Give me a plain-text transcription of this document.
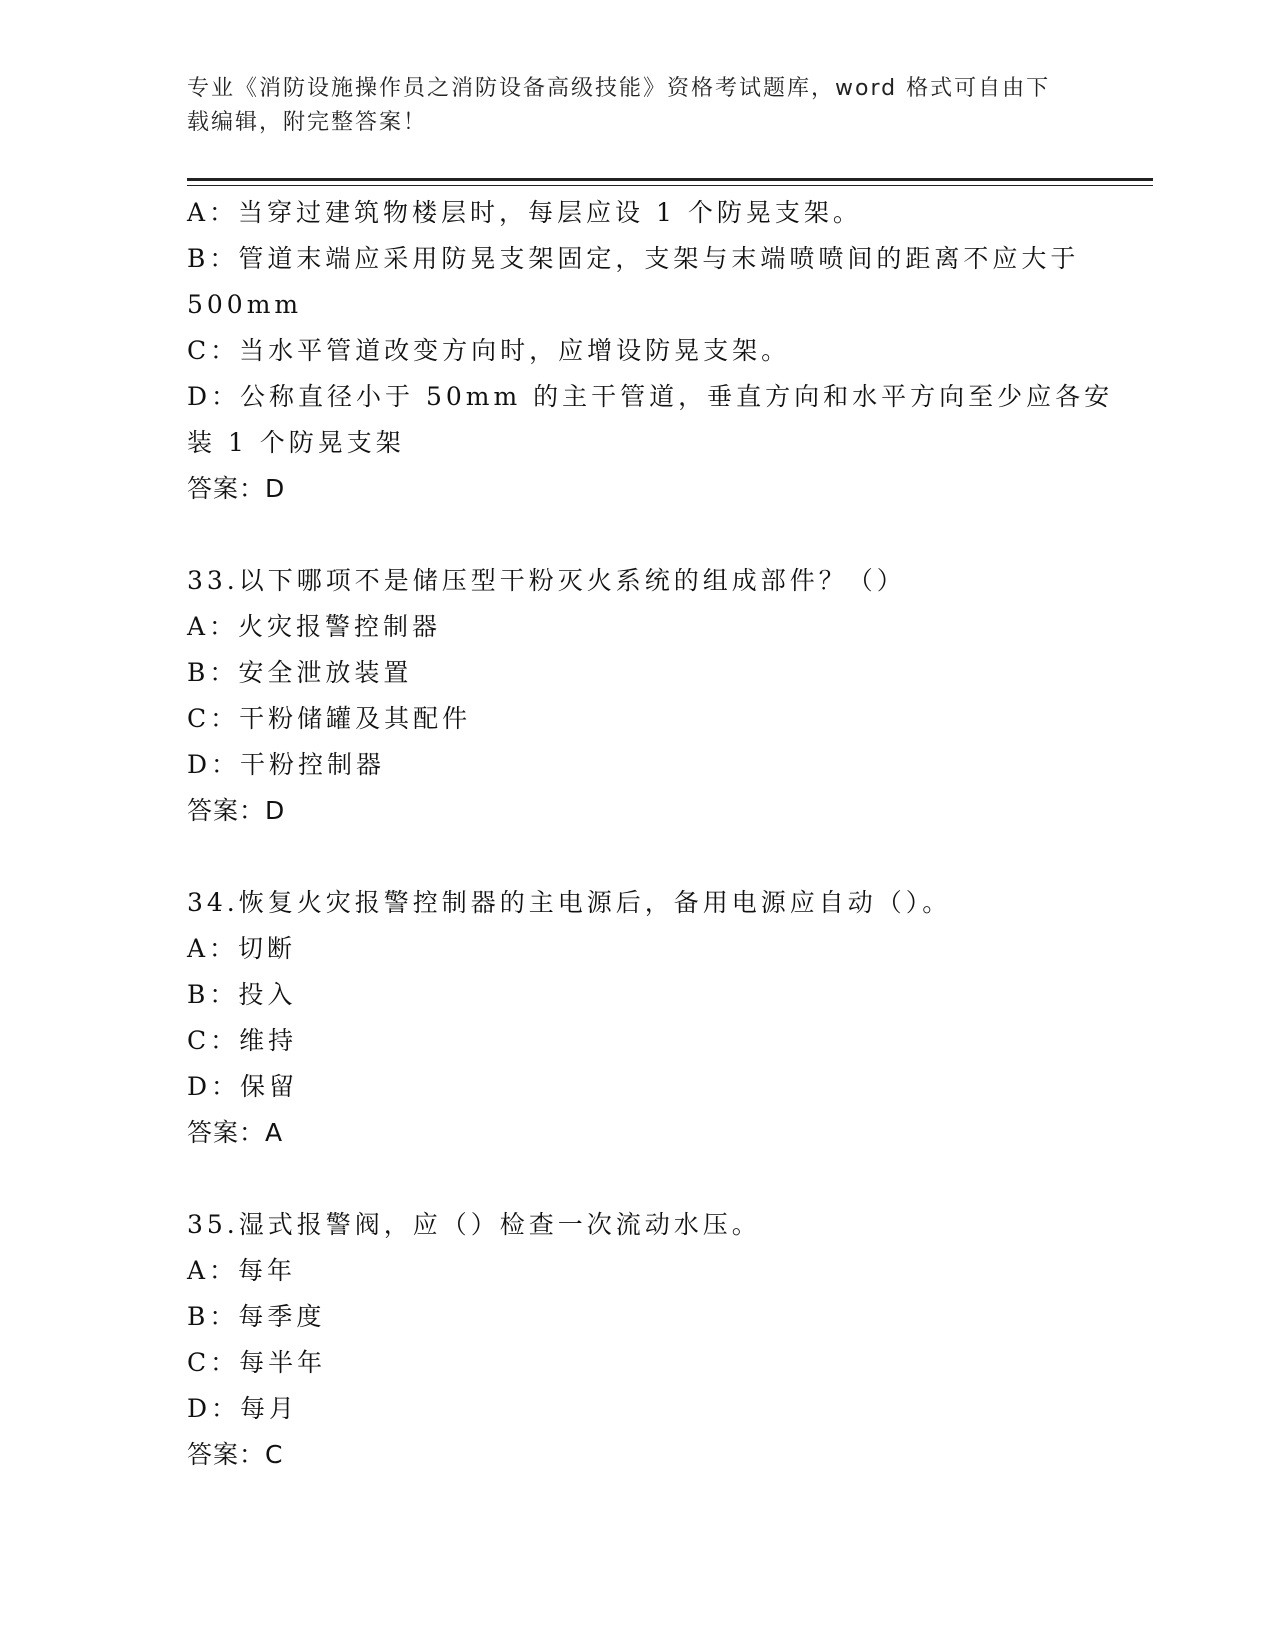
专业《消防设施操作员之消防设备高级技能》资格考试题库，word 格式可自由下
载编辑，附完整答案！
A：当穿过建筑物楼层时，每层应设 1 个防晃支架。
B：管道末端应采用防晃支架固定，支架与末端喷喷间的距离不应大于
500mm
C：当水平管道改变方向时，应增设防晃支架。
D：公称直径小于 50mm 的主干管道，垂直方向和水平方向至少应各安
装 1 个防晃支架
答案：D
33.以下哪项不是储压型干粉灭火系统的组成部件？（）
A：火灾报警控制器
B：安全泄放装置
C：干粉储罐及其配件
D：干粉控制器
答案：D
34.恢复火灾报警控制器的主电源后，备用电源应自动（）。
A：切断
B：投入
C：维持
D：保留
答案：A
35.湿式报警阀，应（）检查一次流动水压。
A：每年
B：每季度
C：每半年
D：每月
答案：C
